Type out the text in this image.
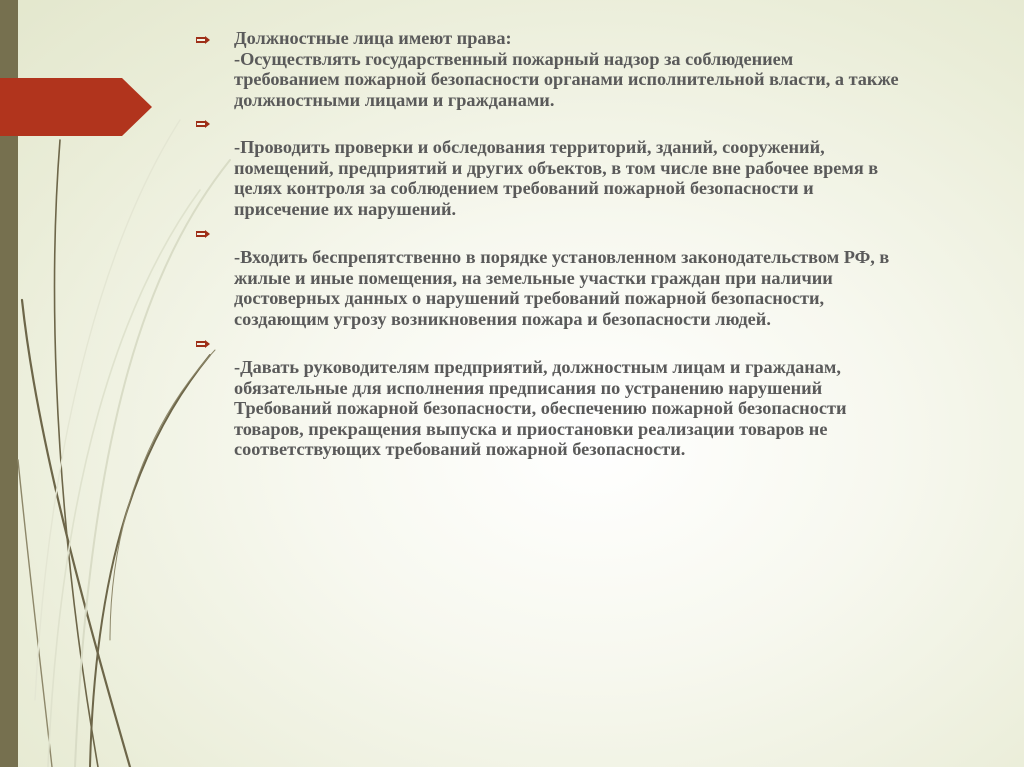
Должностные лица имеют права:
-Осуществлять государственный пожарный надзор за соблюдением
требованием пожарной безопасности органами исполнительной власти, а также
должностными лицами и гражданами.

-Проводить проверки и обследования территорий, зданий, сооружений,
помещений, предприятий и других объектов, в том числе вне рабочее время в
целях контроля за соблюдением требований пожарной безопасности и
присечение их нарушений.

-Входить беспрепятственно в порядке установленном законодательством РФ, в
жилые и иные помещения, на земельные участки граждан при наличии
достоверных данных о нарушений требований пожарной безопасности,
создающим угрозу возникновения пожара и безопасности людей.

-Давать руководителям предприятий, должностным лицам и гражданам,
обязательные для исполнения предписания по устранению нарушений
Требований пожарной безопасности, обеспечению пожарной безопасности
товаров, прекращения выпуска и приостановки реализации товаров не
соответствующих требований пожарной безопасности.
